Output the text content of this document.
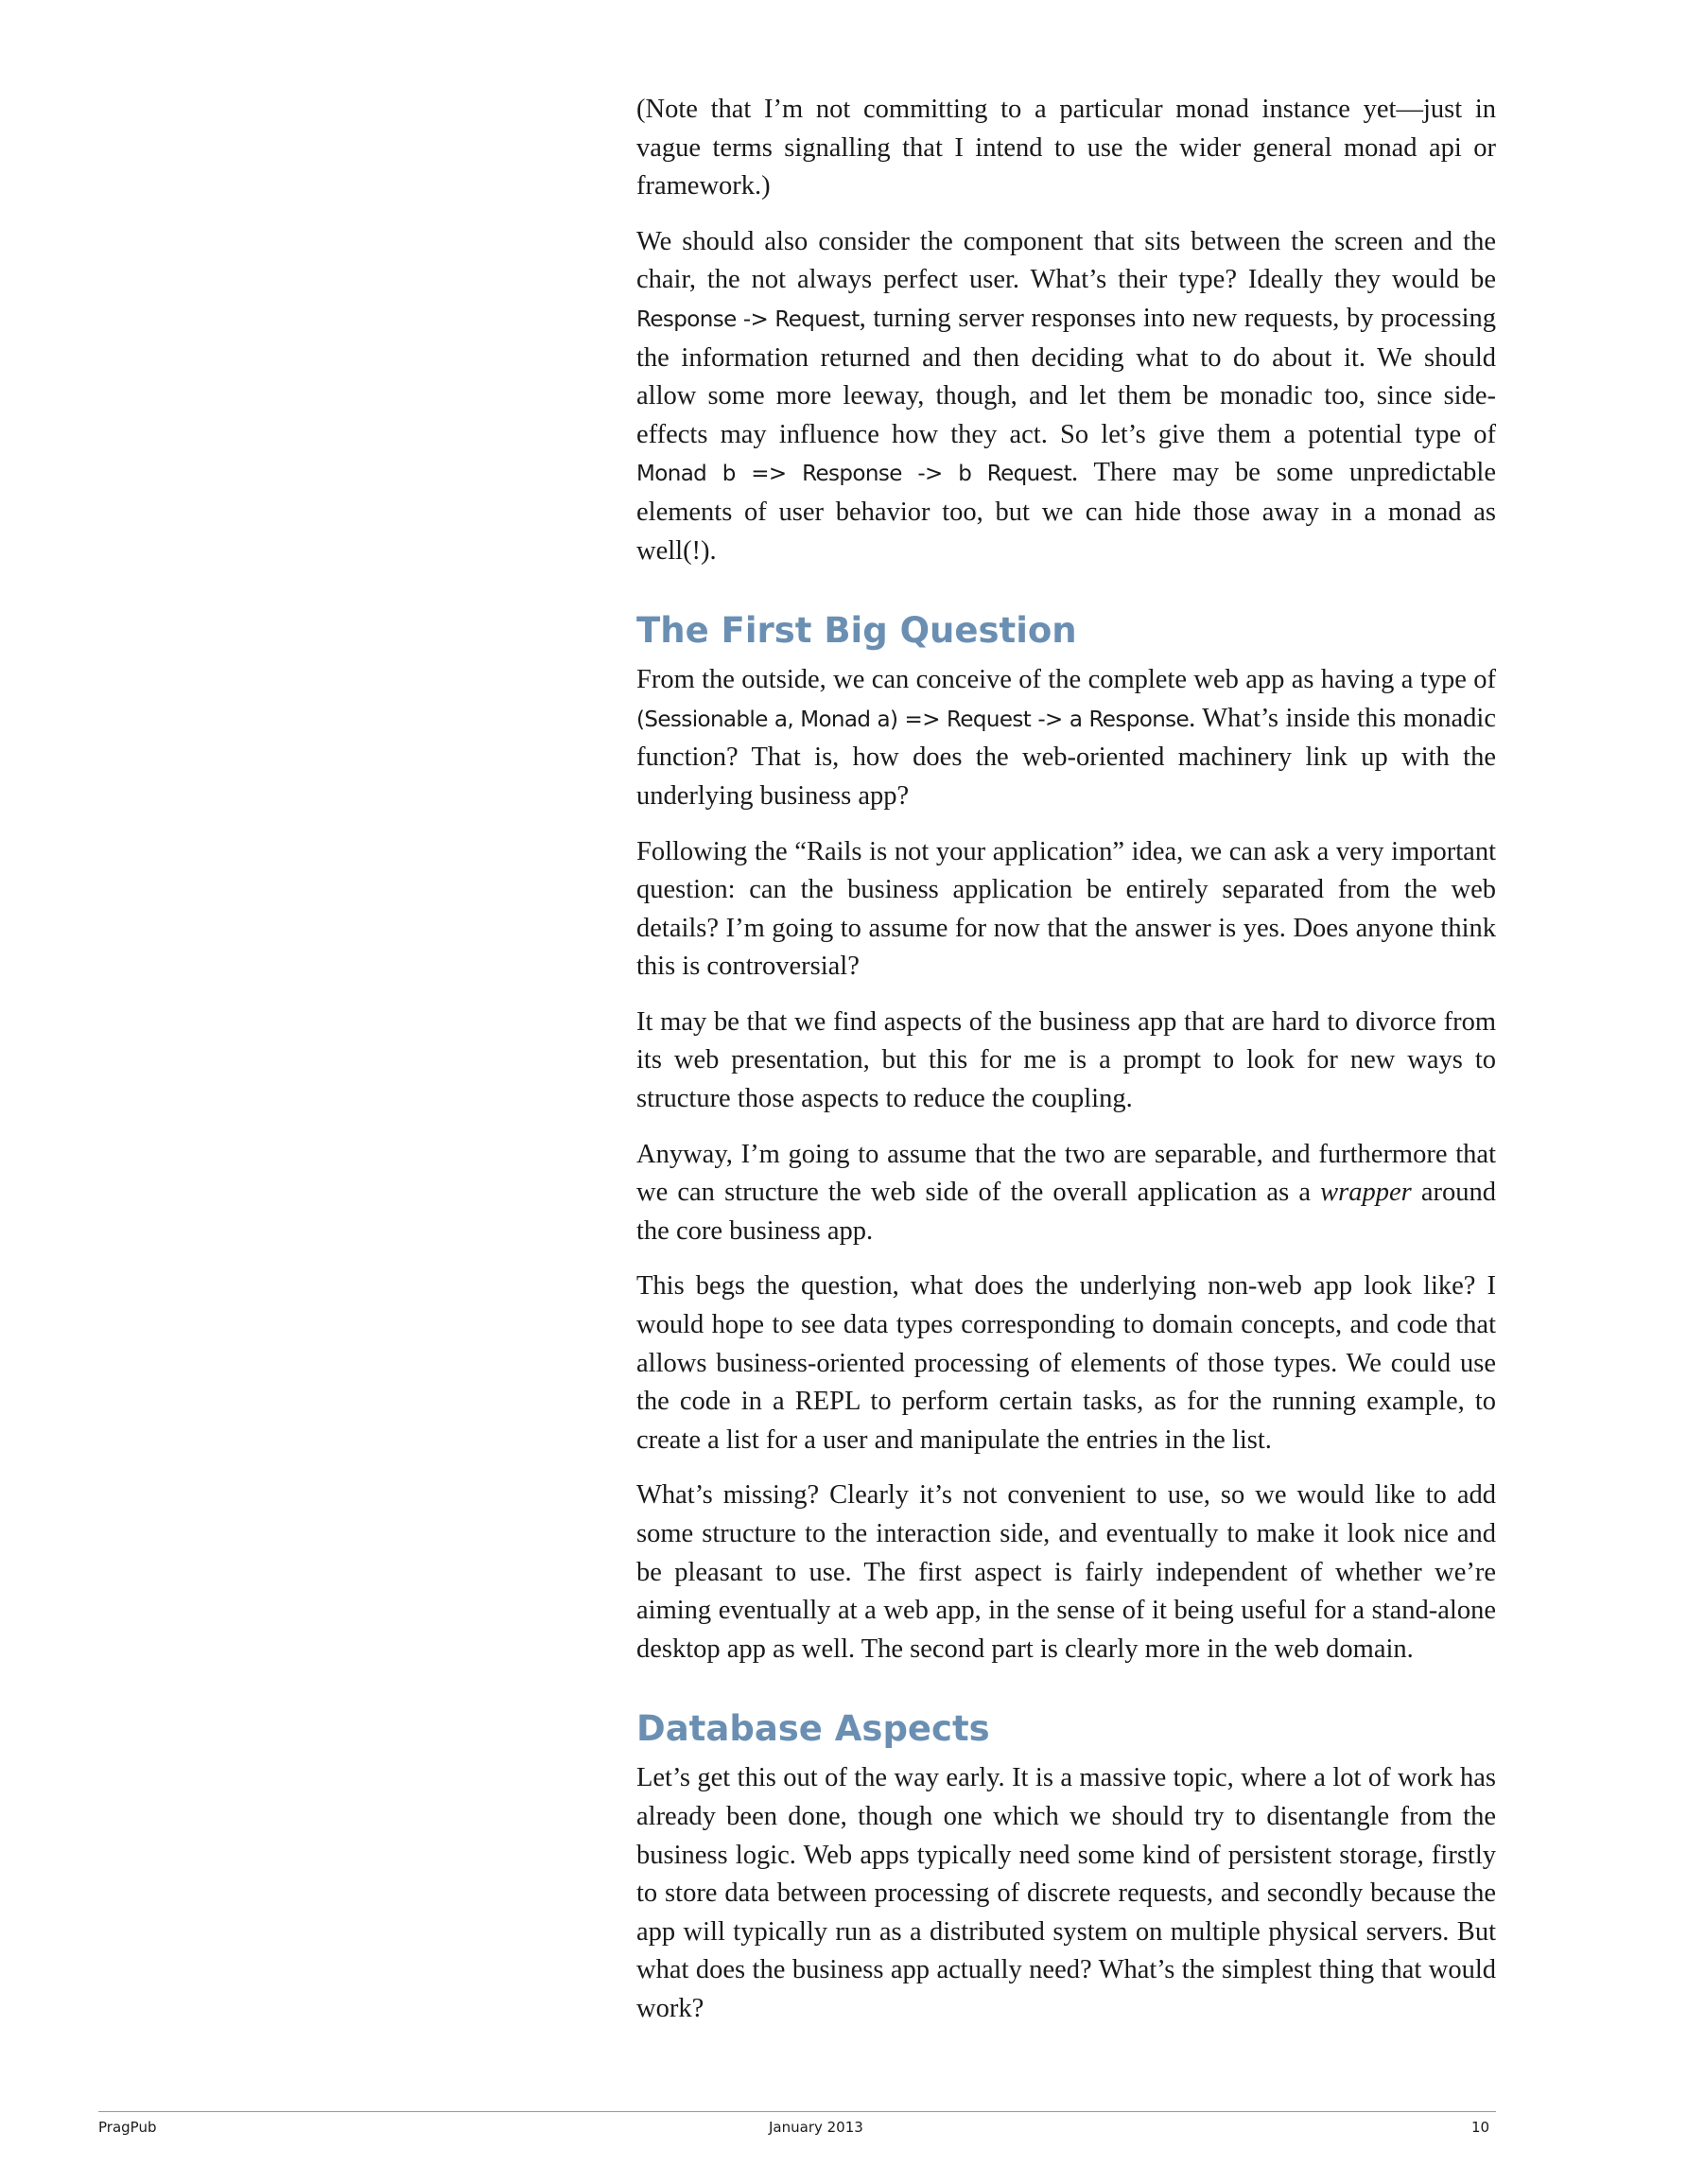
(Note that I’m not committing to a particular monad instance yet—just in vague terms signalling that I intend to use the wider general monad api or framework.)

We should also consider the component that sits between the screen and the chair, the not always perfect user. What’s their type? Ideally they would be Response -> Request, turning server responses into new requests, by processing the information returned and then deciding what to do about it. We should allow some more leeway, though, and let them be monadic too, since side-effects may influence how they act. So let’s give them a potential type of Monad b => Response -> b Request. There may be some unpredictable elements of user behavior too, but we can hide those away in a monad as well(!).

The First Big Question

From the outside, we can conceive of the complete web app as having a type of (Sessionable a, Monad a) => Request -> a Response. What’s inside this monadic function? That is, how does the web-oriented machinery link up with the underlying business app?

Following the “Rails is not your application” idea, we can ask a very important question: can the business application be entirely separated from the web details? I’m going to assume for now that the answer is yes. Does anyone think this is controversial?

It may be that we find aspects of the business app that are hard to divorce from its web presentation, but this for me is a prompt to look for new ways to structure those aspects to reduce the coupling.

Anyway, I’m going to assume that the two are separable, and furthermore that we can structure the web side of the overall application as a wrapper around the core business app.

This begs the question, what does the underlying non-web app look like? I would hope to see data types corresponding to domain concepts, and code that allows business-oriented processing of elements of those types. We could use the code in a REPL to perform certain tasks, as for the running example, to create a list for a user and manipulate the entries in the list.

What’s missing? Clearly it’s not convenient to use, so we would like to add some structure to the interaction side, and eventually to make it look nice and be pleasant to use. The first aspect is fairly independent of whether we’re aiming eventually at a web app, in the sense of it being useful for a stand-alone desktop app as well. The second part is clearly more in the web domain.

Database Aspects

Let’s get this out of the way early. It is a massive topic, where a lot of work has already been done, though one which we should try to disentangle from the business logic. Web apps typically need some kind of persistent storage, firstly to store data between processing of discrete requests, and secondly because the app will typically run as a distributed system on multiple physical servers. But what does the business app actually need? What’s the simplest thing that would work?

PragPub	January 2013	10
